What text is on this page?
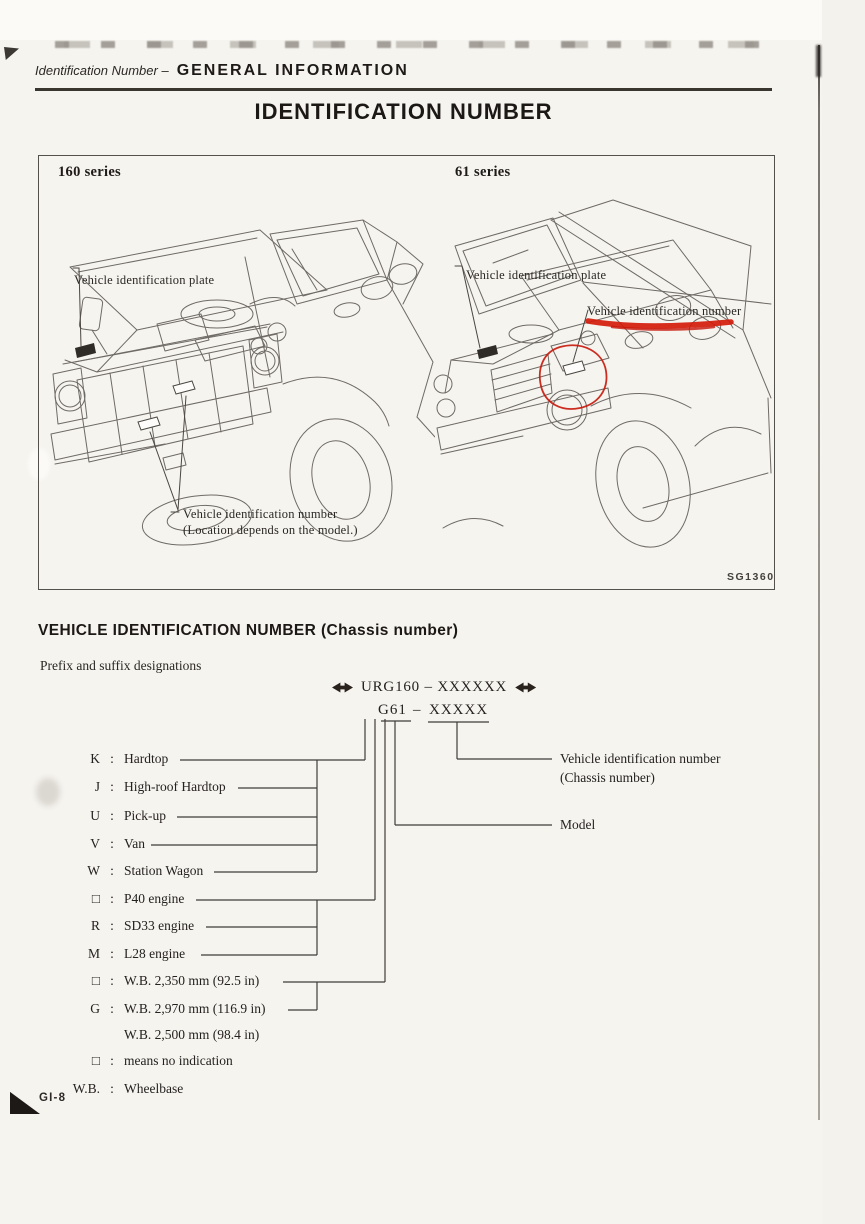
Identification Number – GENERAL INFORMATION
IDENTIFICATION NUMBER
160 series	61 series
Vehicle identification plate
Vehicle identification number
(Location depends on the model.)
Vehicle identification plate
Vehicle identification number
SG1360
VEHICLE IDENTIFICATION NUMBER (Chassis number)
Prefix and suffix designations
URG160 – XXXXXX
G61 – XXXXX
K : Hardtop
J : High-roof Hardtop
U : Pick-up
V : Van
W : Station Wagon
□ : P40 engine
R : SD33 engine
M : L28 engine
□ : W.B. 2,350 mm (92.5 in)
G : W.B. 2,970 mm (116.9 in)
W.B. 2,500 mm (98.4 in)
□ : means no indication
W.B. : Wheelbase
Vehicle identification number
(Chassis number)
Model
GI-8
